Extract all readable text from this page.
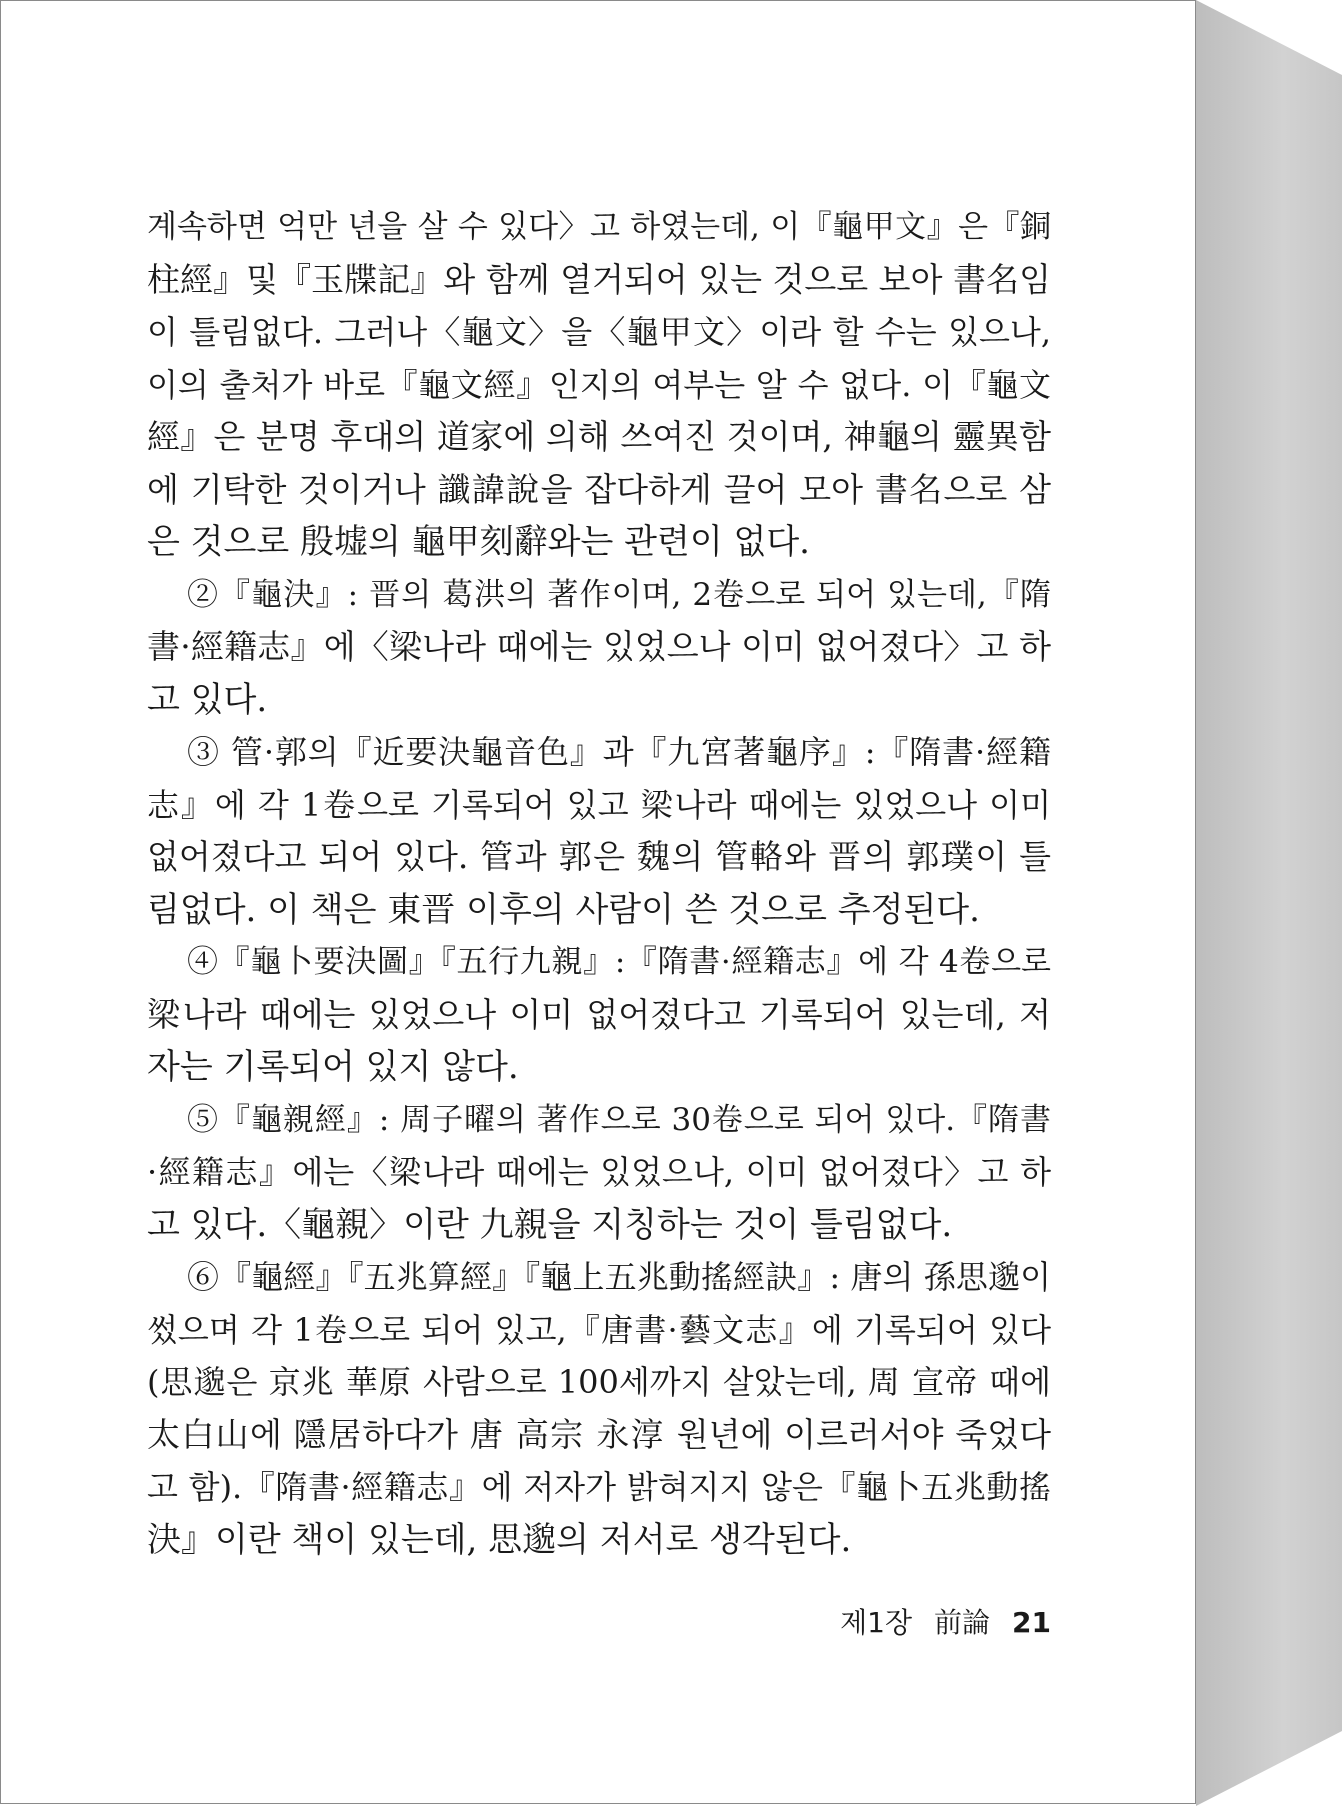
계속하면 억만 년을 살 수 있다〉고 하였는데, 이『龜甲文』은『銅
柱經』및『玉牒記』와 함께 열거되어 있는 것으로 보아 書名임
이 틀림없다. 그러나〈龜文〉을〈龜甲文〉이라 할 수는 있으나,
이의 출처가 바로『龜文經』인지의 여부는 알 수 없다. 이『龜文
經』은 분명 후대의 道家에 의해 쓰여진 것이며, 神龜의 靈異함
에 기탁한 것이거나 讖諱說을 잡다하게 끌어 모아 書名으로 삼
은 것으로 殷墟의 龜甲刻辭와는 관련이 없다.
②『龜決』: 晋의 葛洪의 著作이며, 2卷으로 되어 있는데,『隋
書·經籍志』에〈梁나라 때에는 있었으나 이미 없어졌다〉고 하
고 있다.
③ 管·郭의『近要決龜音色』과『九宮著龜序』:『隋書·經籍
志』에 각 1卷으로 기록되어 있고 梁나라 때에는 있었으나 이미
없어졌다고 되어 있다. 管과 郭은 魏의 管輅와 晋의 郭璞이 틀
림없다. 이 책은 東晋 이후의 사람이 쓴 것으로 추정된다.
④『龜卜要決圖』『五行九親』:『隋書·經籍志』에 각 4卷으로
梁나라 때에는 있었으나 이미 없어졌다고 기록되어 있는데, 저
자는 기록되어 있지 않다.
⑤『龜親經』: 周子曜의 著作으로 30卷으로 되어 있다.『隋書
·經籍志』에는〈梁나라 때에는 있었으나, 이미 없어졌다〉고 하
고 있다.〈龜親〉이란 九親을 지칭하는 것이 틀림없다.
⑥『龜經』『五兆算經』『龜上五兆動搖經訣』: 唐의 孫思邈이
썼으며 각 1卷으로 되어 있고,『唐書·藝文志』에 기록되어 있다
(思邈은 京兆 華原 사람으로 100세까지 살았는데, 周 宣帝 때에
太白山에 隱居하다가 唐 高宗 永淳 원년에 이르러서야 죽었다
고 함).『隋書·經籍志』에 저자가 밝혀지지 않은『龜卜五兆動搖
決』이란 책이 있는데, 思邈의 저서로 생각된다.
제1장 前論 21
